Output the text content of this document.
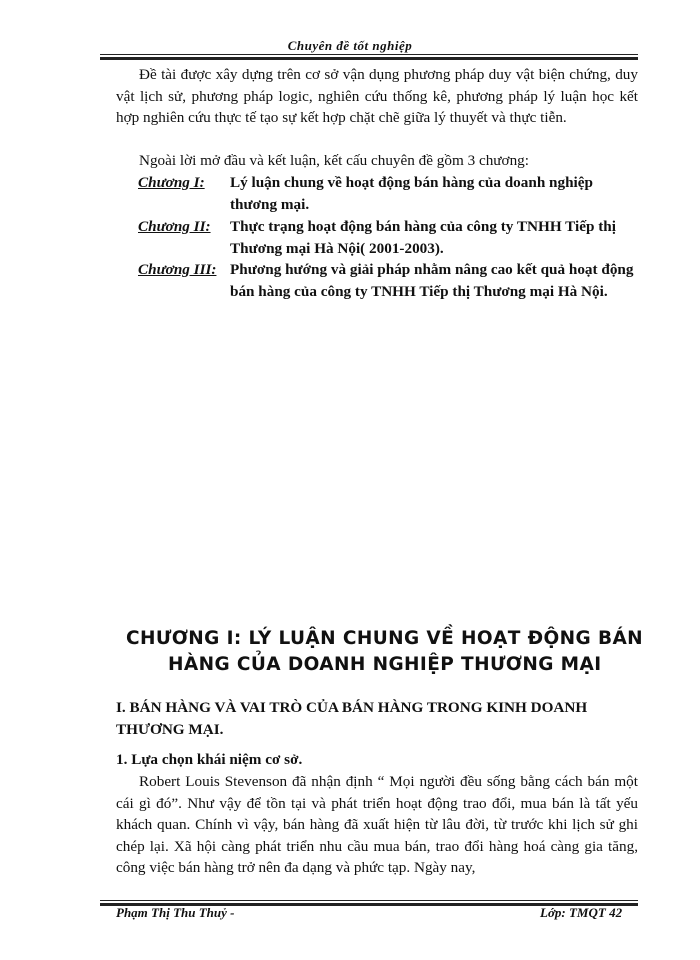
Chuyên đề tốt nghiệp
Đề tài được xây dựng trên cơ sở vận dụng phương pháp duy vật biện chứng, duy vật lịch sử, phương pháp logic, nghiên cứu thống kê, phương pháp lý luận học kết hợp nghiên cứu thực tế tạo sự kết hợp chặt chẽ giữa lý thuyết và thực tiễn.
Ngoài lời mở đầu và kết luận, kết cấu chuyên đề gồm 3 chương:
Chương I: Lý luận chung về hoạt động bán hàng của doanh nghiệp thương mại.
Chương II: Thực trạng hoạt động bán hàng của công ty TNHH Tiếp thị Thương mại Hà Nội( 2001-2003).
Chương III: Phương hướng và giải pháp nhằm nâng cao kết quả hoạt động bán hàng của công ty TNHH Tiếp thị Thương mại Hà Nội.
CHƯƠNG I: LÝ LUẬN CHUNG VỀ HOẠT ĐỘNG BÁN
HÀNG CỦA DOANH NGHIỆP THƯƠNG MẠI
I. BÁN HÀNG VÀ VAI TRÒ CỦA BÁN HÀNG TRONG KINH DOANH THƯƠNG MẠI.
1. Lựa chọn khái niệm cơ sở.
Robert Louis Stevenson đã nhận định “ Mọi người đều sống bằng cách bán một cái gì đó”. Như vậy để tồn tại và phát triển hoạt động trao đổi, mua bán là tất yếu khách quan. Chính vì vậy, bán hàng đã xuất hiện từ lâu đời, từ trước khi lịch sử ghi chép lại. Xã hội càng phát triển nhu cầu mua bán, trao đổi hàng hoá càng gia tăng, công việc bán hàng trở nên đa dạng và phức tạp. Ngày nay,
Phạm Thị Thu Thuỷ -	Lớp: TMQT 42
